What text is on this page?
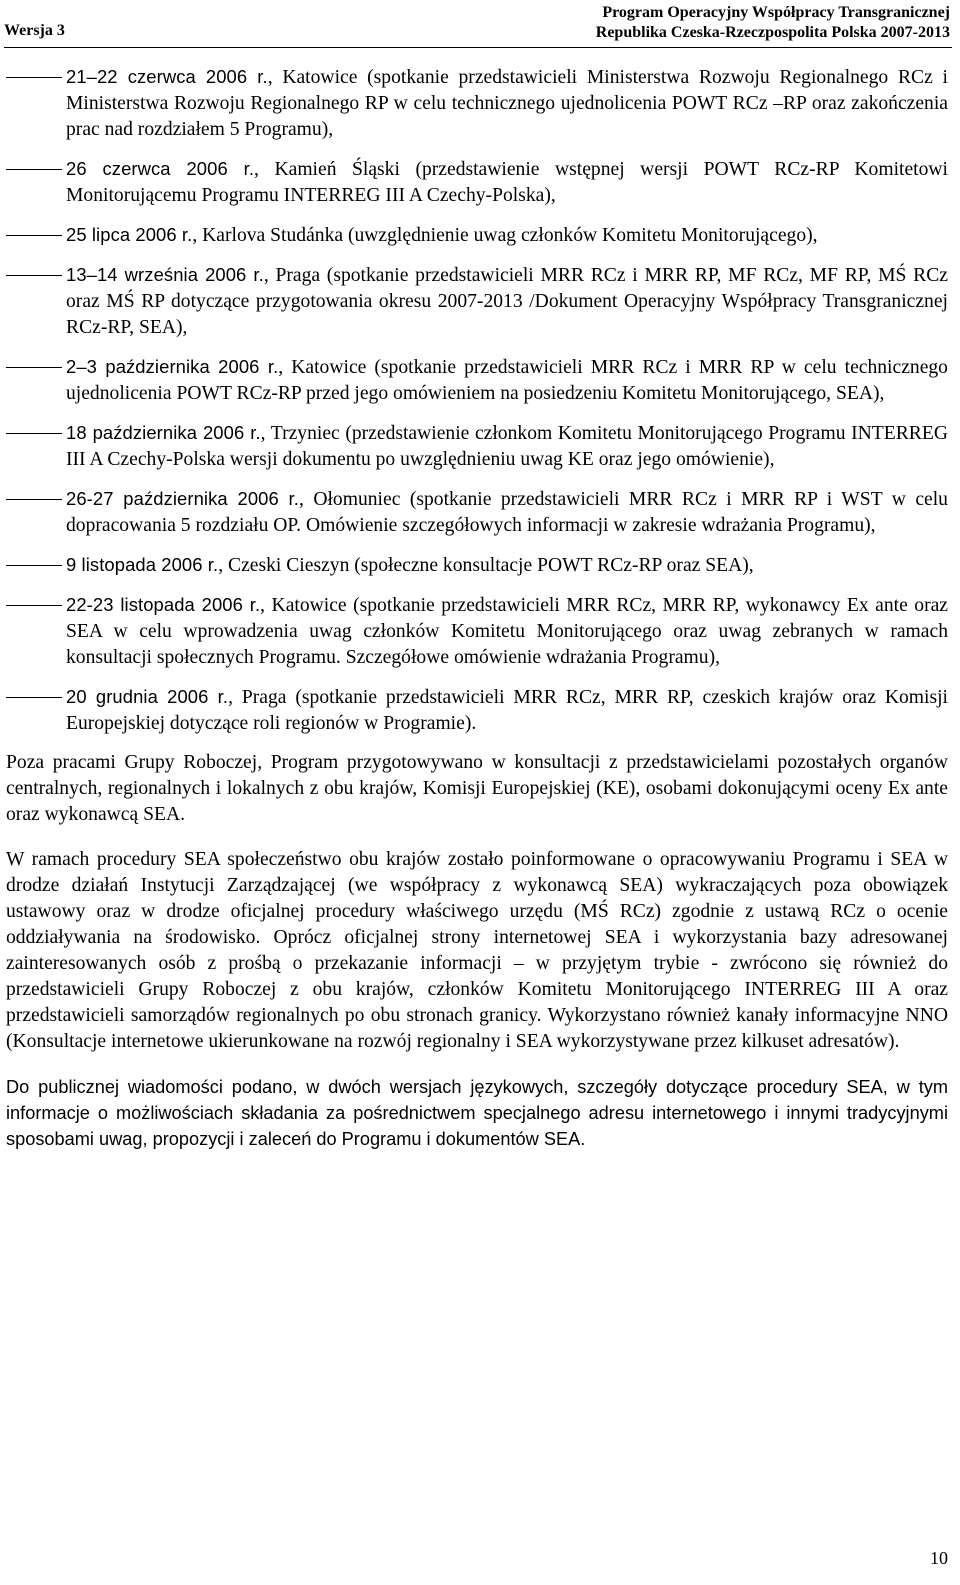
Wersja 3
Program Operacyjny Współpracy Transgranicznej
Republika Czeska-Rzeczpospolita Polska 2007-2013
21–22 czerwca 2006 r., Katowice (spotkanie przedstawicieli Ministerstwa Rozwoju Regionalnego RCz i Ministerstwa Rozwoju Regionalnego RP w celu technicznego ujednolicenia POWT RCz –RP oraz zakończenia prac nad rozdziałem 5 Programu),
26 czerwca 2006 r., Kamień Śląski (przedstawienie wstępnej wersji POWT RCz-RP Komitetowi Monitorującemu Programu INTERREG III A Czechy-Polska),
25 lipca 2006 r., Karlova Studánka (uwzględnienie uwag członków Komitetu Monitorującego),
13–14 września 2006 r., Praga (spotkanie przedstawicieli MRR RCz i MRR RP, MF RCz, MF RP, MŚ RCz oraz MŚ RP dotyczące przygotowania okresu 2007-2013 /Dokument Operacyjny Współpracy Transgranicznej RCz-RP, SEA),
2–3 października 2006 r., Katowice (spotkanie przedstawicieli MRR RCz i MRR RP w celu technicznego ujednolicenia POWT RCz-RP przed jego omówieniem na posiedzeniu Komitetu Monitorującego, SEA),
18 października 2006 r., Trzyniec (przedstawienie członkom Komitetu Monitorującego Programu INTERREG III A Czechy-Polska wersji dokumentu po uwzględnieniu uwag KE oraz jego omówienie),
26-27 października 2006 r., Ołomuniec (spotkanie przedstawicieli MRR RCz i MRR RP i WST w celu dopracowania 5 rozdziału OP. Omówienie szczegółowych informacji w zakresie wdrażania Programu),
9 listopada 2006 r., Czeski Cieszyn (społeczne konsultacje POWT RCz-RP oraz SEA),
22-23 listopada 2006 r., Katowice (spotkanie przedstawicieli MRR RCz, MRR RP, wykonawcy Ex ante oraz SEA w celu wprowadzenia uwag członków Komitetu Monitorującego oraz uwag zebranych w ramach konsultacji społecznych Programu. Szczegółowe omówienie wdrażania Programu),
20 grudnia 2006 r., Praga (spotkanie przedstawicieli MRR RCz, MRR RP, czeskich krajów oraz Komisji Europejskiej dotyczące roli regionów w Programie).

Poza pracami Grupy Roboczej, Program przygotowywano w konsultacji z przedstawicielami pozostałych organów centralnych, regionalnych i lokalnych z obu krajów, Komisji Europejskiej (KE), osobami dokonującymi oceny Ex ante oraz wykonawcą SEA.

W ramach procedury SEA społeczeństwo obu krajów zostało poinformowane o opracowywaniu Programu i SEA w drodze działań Instytucji Zarządzającej (we współpracy z wykonawcą SEA) wykraczających poza obowiązek ustawowy oraz w drodze oficjalnej procedury właściwego urzędu (MŚ RCz) zgodnie z ustawą RCz o ocenie oddziaływania na środowisko. Oprócz oficjalnej strony internetowej SEA i wykorzystania bazy adresowanej zainteresowanych osób z prośbą o przekazanie informacji – w przyjętym trybie - zwrócono się również do przedstawicieli Grupy Roboczej z obu krajów, członków Komitetu Monitorującego INTERREG III A oraz przedstawicieli samorządów regionalnych po obu stronach granicy. Wykorzystano również kanały informacyjne NNO (Konsultacje internetowe ukierunkowane na rozwój regionalny i SEA wykorzystywane przez kilkuset adresatów).

Do publicznej wiadomości podano, w dwóch wersjach językowych, szczegóły dotyczące procedury SEA, w tym informacje o możliwościach składania za pośrednictwem specjalnego adresu internetowego i innymi tradycyjnymi sposobami uwag, propozycji i zaleceń do Programu i dokumentów SEA.

10
